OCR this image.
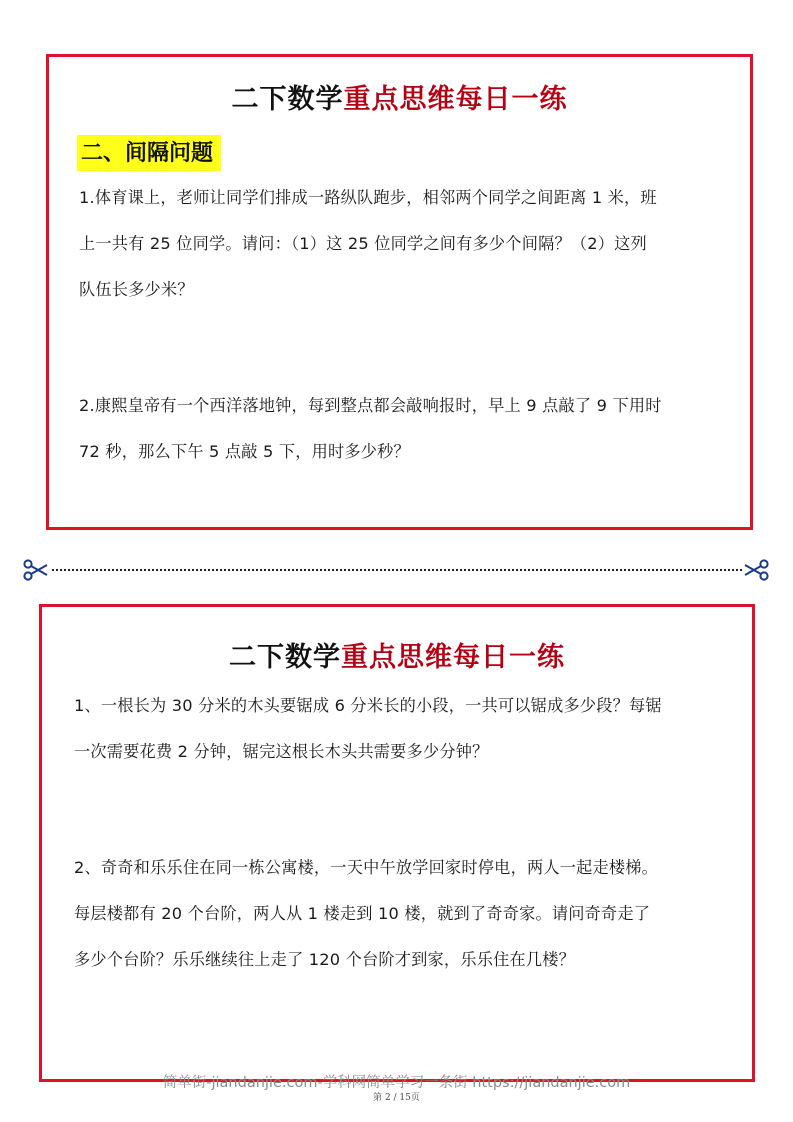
二下数学重点思维每日一练
二、间隔问题
1.体育课上，老师让同学们排成一路纵队跑步，相邻两个同学之间距离 1 米，班
上一共有 25 位同学。请问：（1）这 25 位同学之间有多少个间隔？（2）这列
队伍长多少米？
2.康熙皇帝有一个西洋落地钟，每到整点都会敲响报时，早上 9 点敲了 9 下用时
72 秒，那么下午 5 点敲 5 下，用时多少秒？
二下数学重点思维每日一练
1、一根长为 30 分米的木头要锯成 6 分米长的小段，一共可以锯成多少段？每锯
一次需要花费 2 分钟，锯完这根长木头共需要多少分钟？
2、奇奇和乐乐住在同一栋公寓楼，一天中午放学回家时停电，两人一起走楼梯。
每层楼都有 20 个台阶，两人从 1 楼走到 10 楼，就到了奇奇家。请问奇奇走了
多少个台阶？乐乐继续往上走了 120 个台阶才到家，乐乐住在几楼？
简单街-jiandanjie.com-学科网简单学习一条街 https://jiandanjie.com
第 2 / 15页
